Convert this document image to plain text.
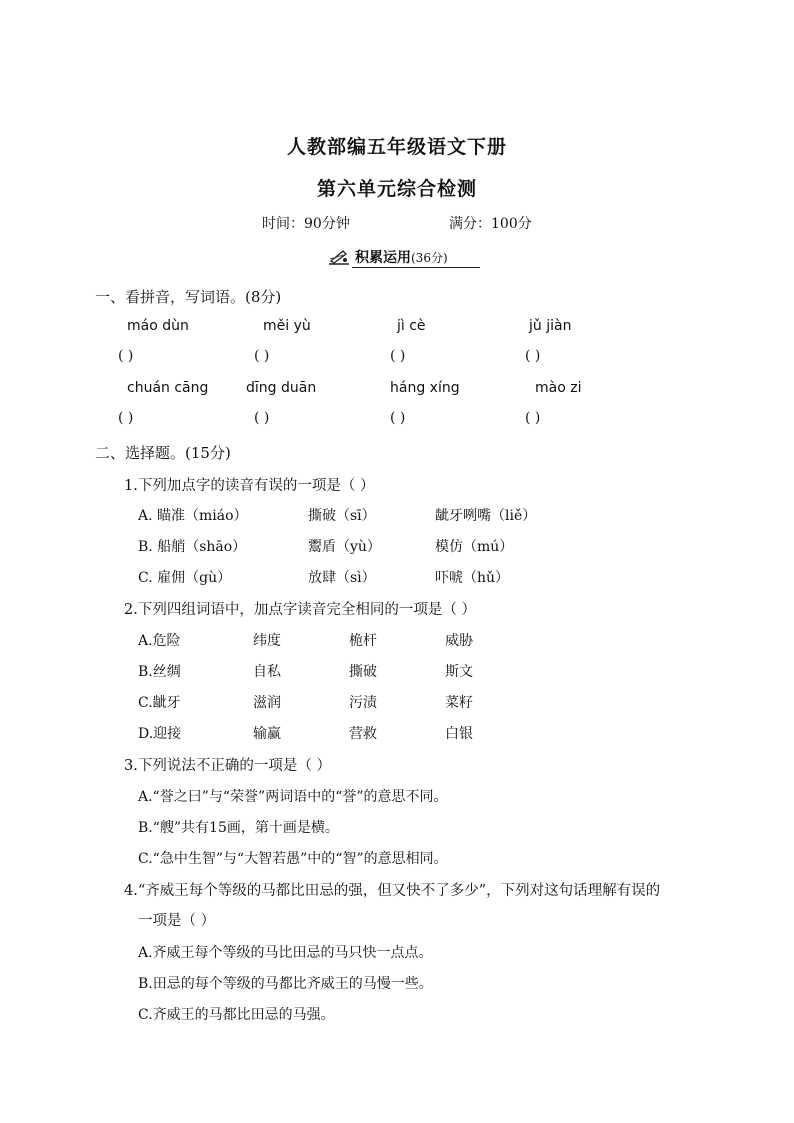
人教部编五年级语文下册
第六单元综合检测
时间：90分钟	满分：100分
积累运用 (36分)
一、看拼音，写词语。(8分)
máo dùn	měi yù	jì cè	jǔ jiàn
( )	( )	( )	( )
chuán cāng	dīng duān	háng xíng	mào zi
( )	( )	( )	( )
二、选择题。(15分)
1.下列加点字的读音有误的一项是（ ）
A. 瞄准（miáo）	撕破（sī）	龇牙咧嘴（liě）
B. 船艄（shāo）	鬻盾（yù）	模仿（mú）
C. 雇佣（gù）	放肆（sì）	吓唬（hǔ）
2.下列四组词语中，加点字读音完全相同的一项是（ ）
A.危险	纬度	桅杆	威胁
B.丝绸	自私	撕破	斯文
C.龇牙	滋润	污渍	菜籽
D.迎接	输赢	营救	白银
3.下列说法不正确的一项是（ ）
A.“誉之曰”与“荣誉”两词语中的“誉”的意思不同。
B.“艘”共有15画，第十画是横。
C.“急中生智”与“大智若愚”中的“智”的意思相同。
4.“齐威王每个等级的马都比田忌的强，但又快不了多少”，下列对这句话理解有误的
一项是（ ）
A.齐威王每个等级的马比田忌的马只快一点点。
B.田忌的每个等级的马都比齐威王的马慢一些。
C.齐威王的马都比田忌的马强。
